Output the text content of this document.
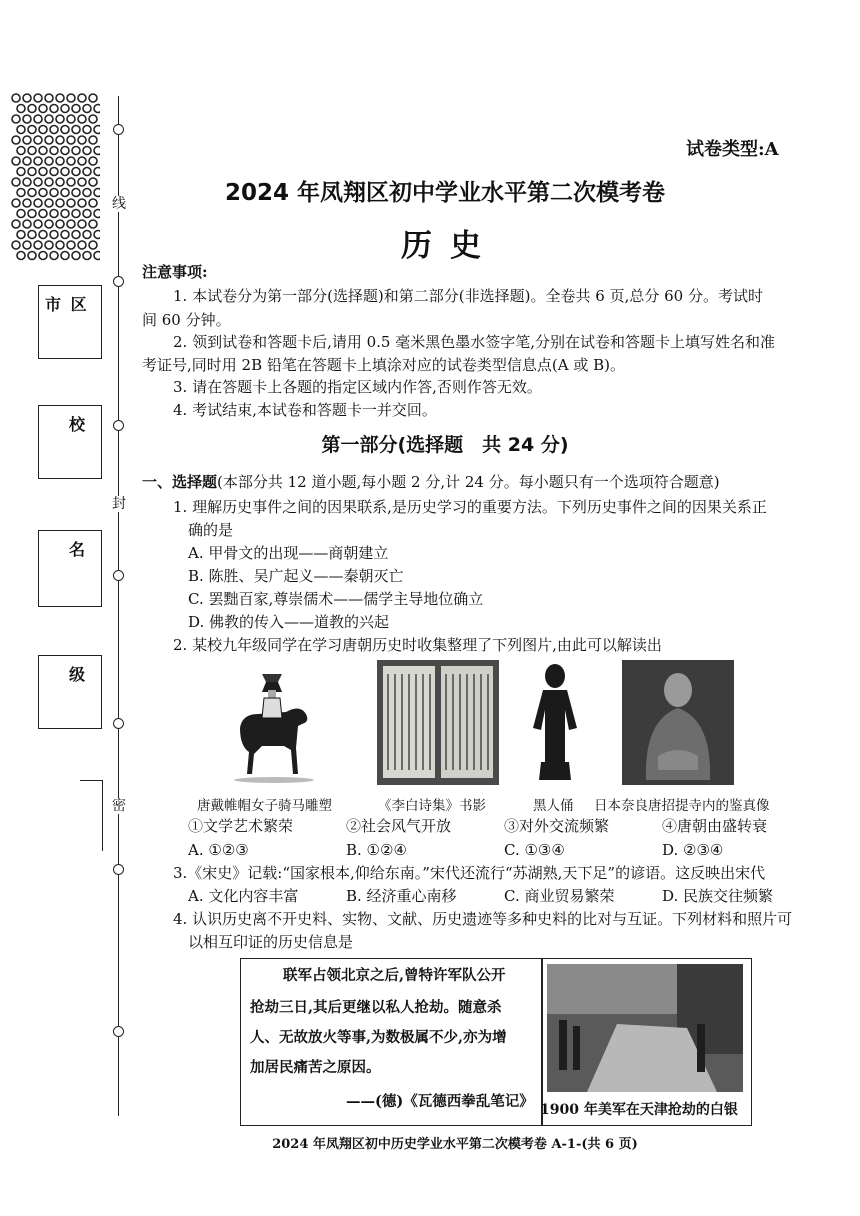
线
封
密
市 区
校
名
级
试卷类型:A
2024 年凤翔区初中学业水平第二次模考卷
历史
注意事项:
1. 本试卷分为第一部分(选择题)和第二部分(非选择题)。全卷共 6 页,总分 60 分。考试时
间 60 分钟。
2. 领到试卷和答题卡后,请用 0.5 毫米黑色墨水签字笔,分别在试卷和答题卡上填写姓名和准
考证号,同时用 2B 铅笔在答题卡上填涂对应的试卷类型信息点(A 或 B)。
3. 请在答题卡上各题的指定区域内作答,否则作答无效。
4. 考试结束,本试卷和答题卡一并交回。
第一部分(选择题　共 24 分)
一、选择题(本部分共 12 道小题,每小题 2 分,计 24 分。每小题只有一个选项符合题意)
1. 理解历史事件之间的因果联系,是历史学习的重要方法。下列历史事件之间的因果关系正
确的是
A. 甲骨文的出现——商朝建立
B. 陈胜、吴广起义——秦朝灭亡
C. 罢黜百家,尊崇儒术——儒学主导地位确立
D. 佛教的传入——道教的兴起
2. 某校九年级同学在学习唐朝历史时收集整理了下列图片,由此可以解读出
唐戴帷帽女子骑马雕塑	《李白诗集》书影	黑人俑 日本奈良唐招提寺内的鉴真像
①文学艺术繁荣	②社会风气开放	③对外交流频繁	④唐朝由盛转衰
A. ①②③	B. ①②④	C. ①③④	D. ②③④
3.《宋史》记载:“国家根本,仰给东南。”宋代还流行“苏湖熟,天下足”的谚语。这反映出宋代
A. 文化内容丰富	B. 经济重心南移	C. 商业贸易繁荣	D. 民族交往频繁
4. 认识历史离不开史料、实物、文献、历史遗迹等多种史料的比对与互证。下列材料和照片可
以相互印证的历史信息是
联军占领北京之后,曾特许军队公开
抢劫三日,其后更继以私人抢劫。随意杀
人、无故放火等事,为数极属不少,亦为增
加居民痛苦之原因。
——(德)《瓦德西拳乱笔记》 1900 年美军在天津抢劫的白银
2024 年凤翔区初中历史学业水平第二次模考卷 A-1-(共 6 页)
